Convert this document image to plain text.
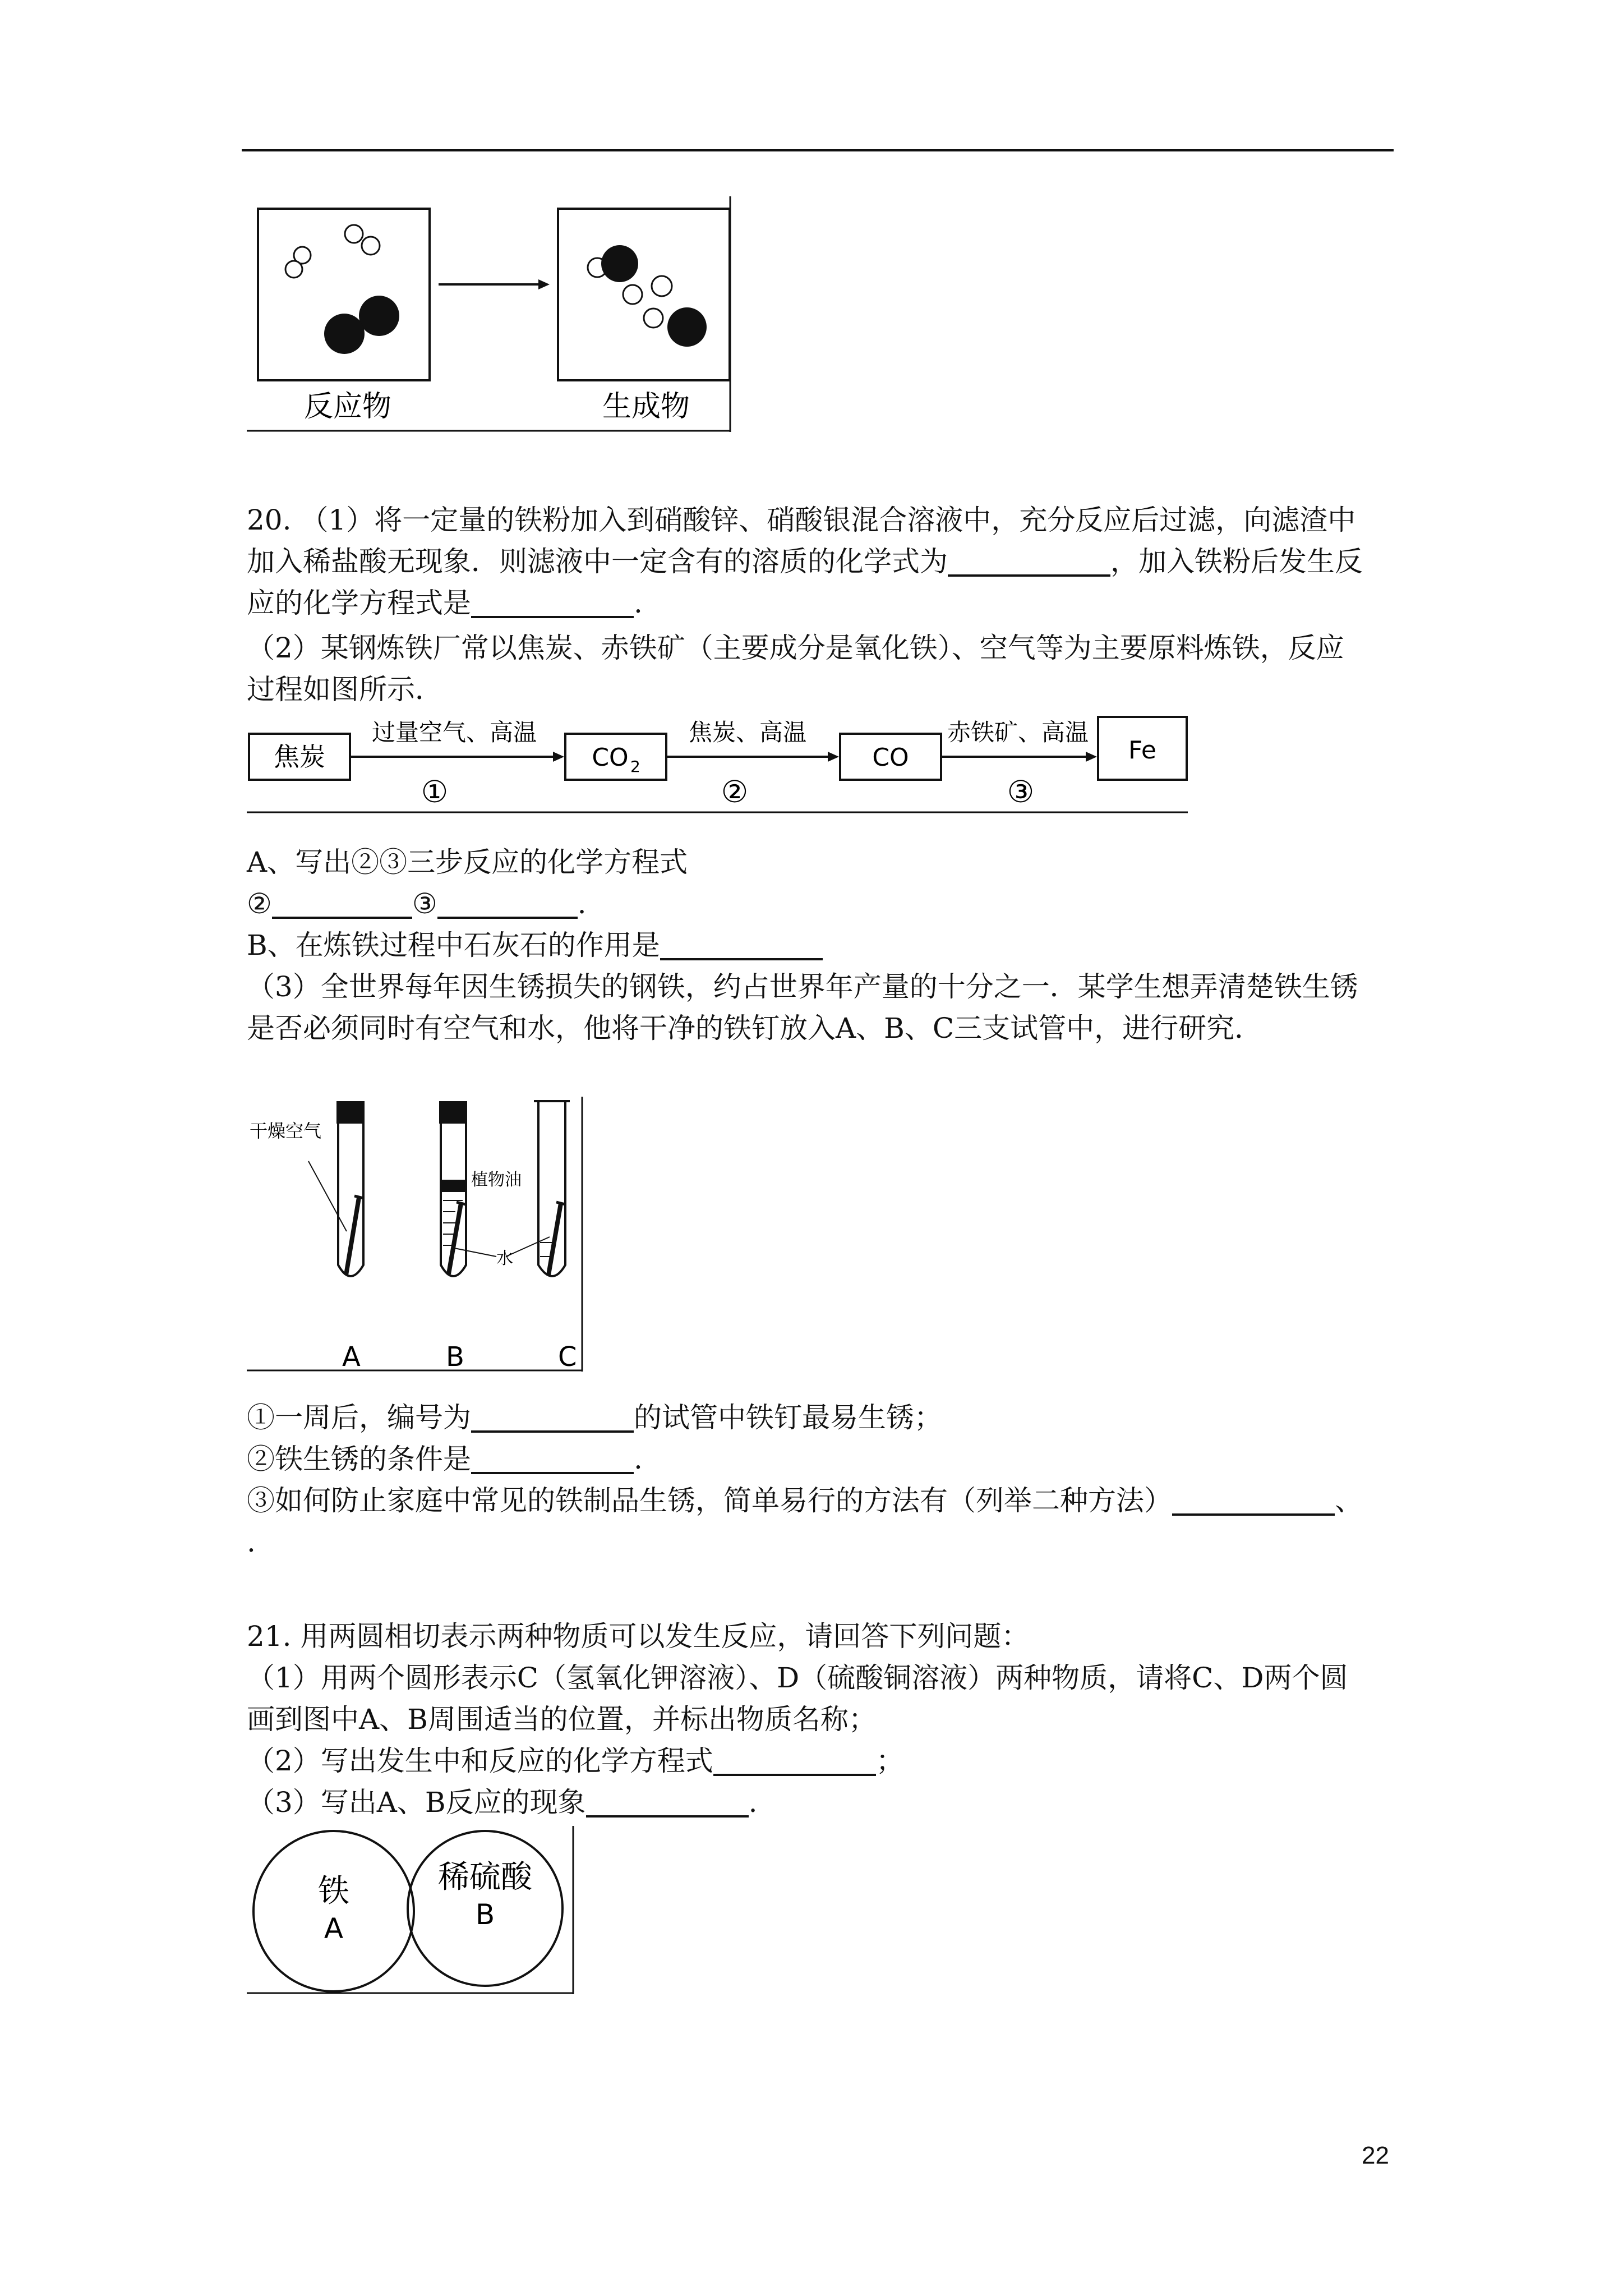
反应物	生成物
20. （1）将一定量的铁粉加入到硝酸锌、硝酸银混合溶液中，充分反应后过滤，向滤渣中
加入稀盐酸无现象．则滤液中一定含有的溶质的化学式为	，加入铁粉后发生反
应的化学方程式是	.
（2）某钢炼铁厂常以焦炭、赤铁矿（主要成分是氧化铁）、空气等为主要原料炼铁，反应
过程如图所示．
焦炭
过量空气、高温
①
CO 2
焦炭、高温
②
CO
赤铁矿、高温
③
Fe
A、写出②③三步反应的化学方程式
②	③	.
B、在炼铁过程中石灰石的作用是
（3）全世界每年因生锈损失的钢铁，约占世界年产量的十分之一．某学生想弄清楚铁生锈
是否必须同时有空气和水，他将干净的铁钉放入A、B、C三支试管中，进行研究．
干燥空气
植物油
水
A	B	C
①一周后，编号为	的试管中铁钉最易生锈；
②铁生锈的条件是	.
③如何防止家庭中常见的铁制品生锈，简单易行的方法有（列举二种方法）	、
.
21. 用两圆相切表示两种物质可以发生反应，请回答下列问题：
（1）用两个圆形表示C（氢氧化钾溶液）、D（硫酸铜溶液）两种物质，请将C、D两个圆
画到图中A、B周围适当的位置，并标出物质名称；
（2）写出发生中和反应的化学方程式	；
（3）写出A、B反应的现象	.
铁
A
稀硫酸
B
22
